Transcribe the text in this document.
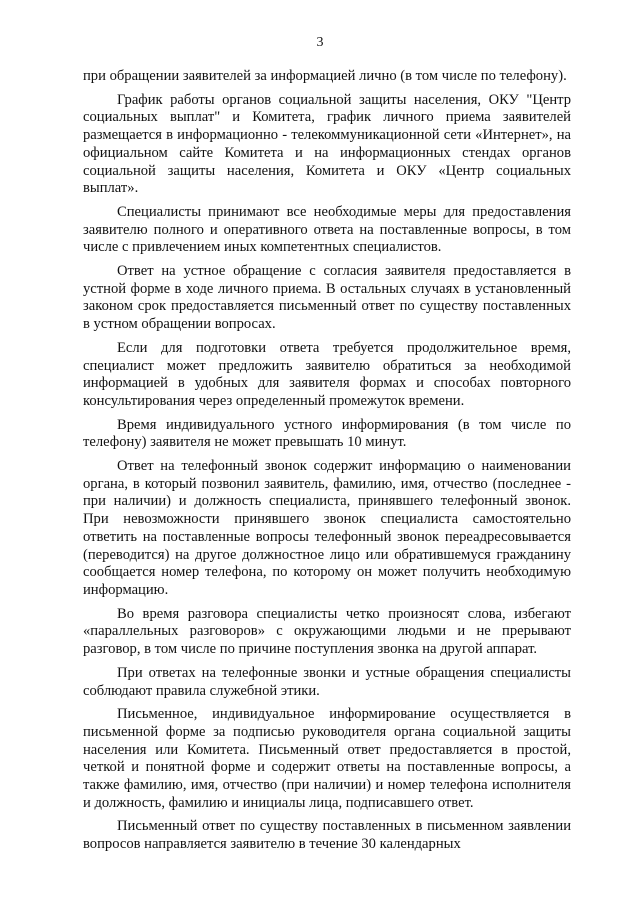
3

при обращении заявителей за информацией лично (в том числе по телефону).

График работы органов социальной защиты населения, ОКУ "Центр социальных выплат" и Комитета, график личного приема заявителей размещается в информационно - телекоммуникационной сети «Интернет», на официальном сайте Комитета и на информационных стендах органов социальной защиты населения, Комитета и ОКУ «Центр социальных выплат».

Специалисты принимают все необходимые меры для предоставления заявителю полного и оперативного ответа на поставленные вопросы, в том числе с привлечением иных компетентных специалистов.

Ответ на устное обращение с согласия заявителя предоставляется в устной форме в ходе личного приема. В остальных случаях в установленный законом срок предоставляется письменный ответ по существу поставленных в устном обращении вопросах.

Если для подготовки ответа требуется продолжительное время, специалист может предложить заявителю обратиться за необходимой информацией в удобных для заявителя формах и способах повторного консультирования через определенный промежуток времени.

Время индивидуального устного информирования (в том числе по телефону) заявителя не может превышать 10 минут.

Ответ на телефонный звонок содержит информацию о наименовании органа, в который позвонил заявитель, фамилию, имя, отчество (последнее - при наличии) и должность специалиста, принявшего телефонный звонок. При невозможности принявшего звонок специалиста самостоятельно ответить на поставленные вопросы телефонный звонок переадресовывается (переводится) на другое должностное лицо или обратившемуся гражданину сообщается номер телефона, по которому он может получить необходимую информацию.

Во время разговора специалисты четко произносят слова, избегают «параллельных разговоров» с окружающими людьми и не прерывают разговор, в том числе по причине поступления звонка на другой аппарат.

При ответах на телефонные звонки и устные обращения специалисты соблюдают правила служебной этики.

Письменное, индивидуальное информирование осуществляется в письменной форме за подписью руководителя органа социальной защиты населения или Комитета. Письменный ответ предоставляется в простой, четкой и понятной форме и содержит ответы на поставленные вопросы, а также фамилию, имя, отчество (при наличии) и номер телефона исполнителя и должность, фамилию и инициалы лица, подписавшего ответ.

Письменный ответ по существу поставленных в письменном заявлении вопросов направляется заявителю в течение 30 календарных
